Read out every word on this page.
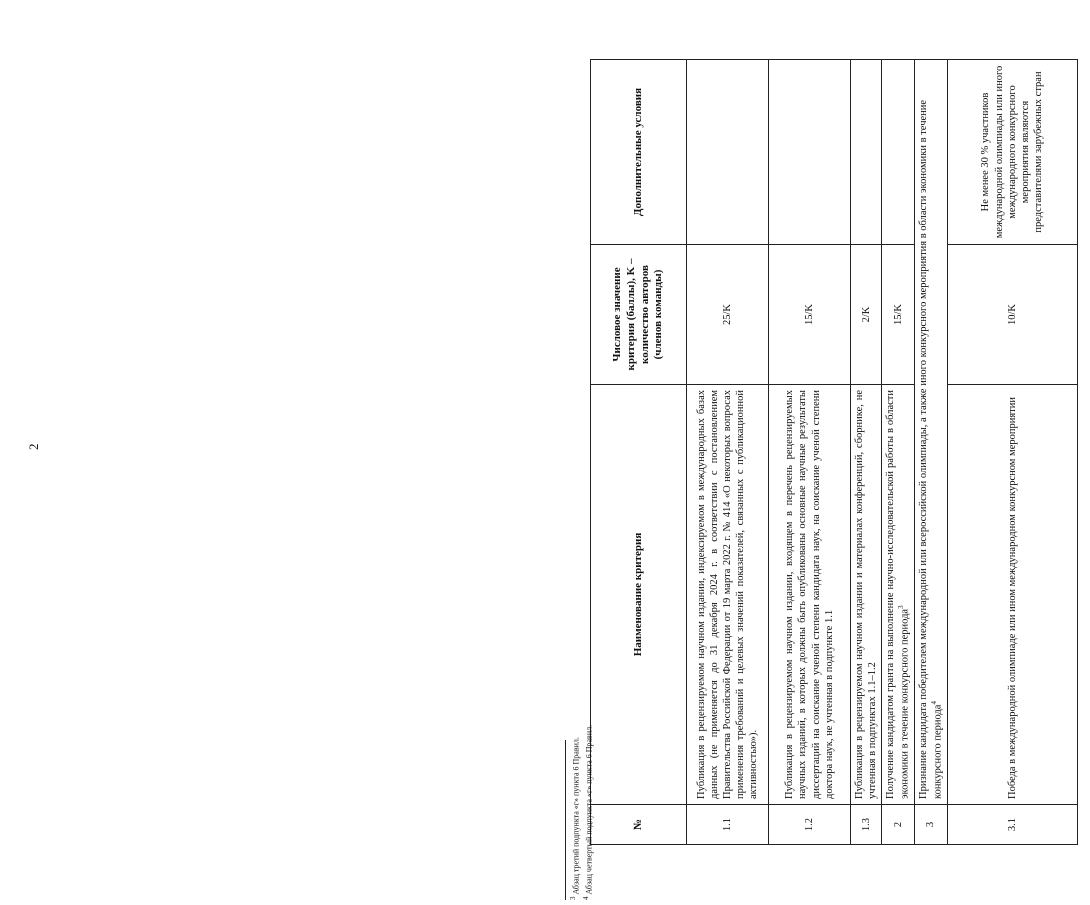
2
№	Наименование критерия	Числовое значение критерия (баллы), K – количество авторов (членов команды)	Дополнительные условия
1.1	Публикация в рецензируемом научном издании, индексируемом в международных базах данных (не применяется до 31 декабря 2024 г. в соответствии с постановлением Правительства Российской Федерации от 19 марта 2022 г. № 414 «О некоторых вопросах применения требований и целевых значений показателей, связанных с публикационной активностью»).	25/K	
1.2	Публикация в рецензируемом научном издании, входящем в перечень рецензируемых научных изданий, в которых должны быть опубликованы основные научные результаты диссертаций на соискание ученой степени кандидата наук, на соискание ученой степени доктора наук, не учтенная в подпункте 1.1	15/K	
1.3	Публикация в рецензируемом научном издании и материалах конференций, сборнике, не учтенная в подпунктах 1.1–1.2	2/K	
2	Получение кандидатом гранта на выполнение научно-исследовательской работы в области экономики в течение конкурсного периода$^3$	15/K	
3	Признание кандидата победителем международной или всероссийской олимпиады, а также иного конкурсного мероприятия в области экономики в течение конкурсного периода$^4$
3.1	Победа в международной олимпиаде или ином международном конкурсном мероприятии	10/K	Не менее 30 % участников международной олимпиады или иного международного конкурсного мероприятия являются представителями зарубежных стран
$^3$ Абзац третий подпункта «г» пункта 6 Правил.
$^4$ Абзац четвертый подпункта «г» пункта 6 Правил.
